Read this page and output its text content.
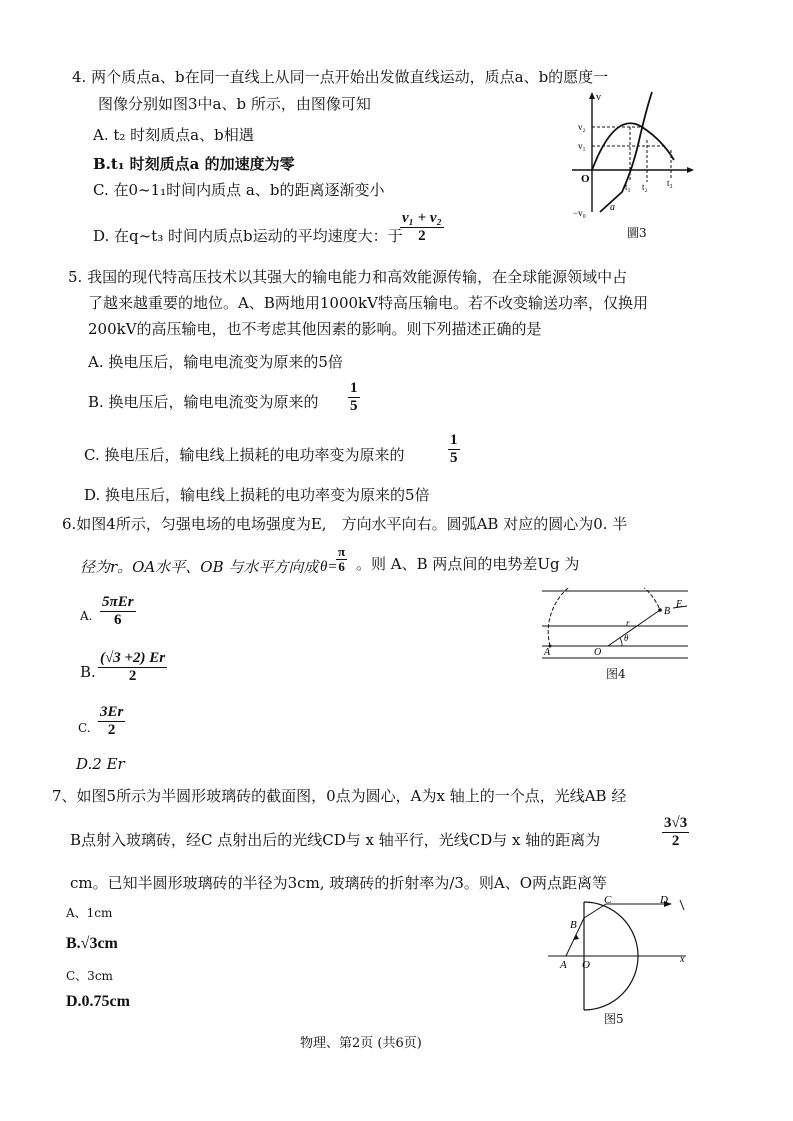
4. 两个质点a、b在同一直线上从同一点开始出发做直线运动，质点a、b的愿度一
图像分别如图3中a、b 所示，由图像可知
A. t₂ 时刻质点a、b相遇
B.t₁ 时刻质点a 的加速度为零
C. 在0~1₁时间内质点 a、b的距离逐渐变小
D. 在q~t₃ 时间内质点b运动的平均速度大：于
v₁ + v₂
2
v
v₂
v₁
O
t₁ t₂ t₃
−v₀ a
圜3
5. 我国的现代特高压技术以其强大的输电能力和高效能源传输，在全球能源领域中占
了越来越重要的地位。A、B两地用1000kV特高压输电。若不改变输送功率，仅换用
200kV的高压输电，也不考虑其他因素的影响。则下列描述正确的是
A. 换电压后，输电电流变为原来的5倍
B. 换电压后，输电电流变为原来的
1
5
C. 换电压后，输电线上损耗的电功率变为原来的
1
5
D. 换电压后，输电线上损耗的电功率变为原来的5倍
6.如图4所示，匀强电场的电场强度为E,　方向水平向右。圆弧AB 对应的圆心为0. 半
径为r。OA水平、OB 与水平方向成 θ=
π
6 。则 A、B 两点间的电势差Ug 为
A.
5πEr
6
B.
(√3 +2) Er
2
C.
3Er
2
D.2 Er
A	O
B
E
r
θ
图4
7、如图5所示为半圆形玻璃砖的截面图，0点为圆心，A为x 轴上的一个点，光线AB 经
B点射入玻璃砖，经C 点射出后的光线CD与 x 轴平行，光线CD与 x 轴的距离为
3√3
2
cm。已知半圆形玻璃砖的半径为3cm, 玻璃砖的折射率为/3。则A、O两点距离等
A、1cm
B.√3cm
C、3cm
D.0.75cm
B
C	D
A O	x
图5
物理、第2页 (共6页)
